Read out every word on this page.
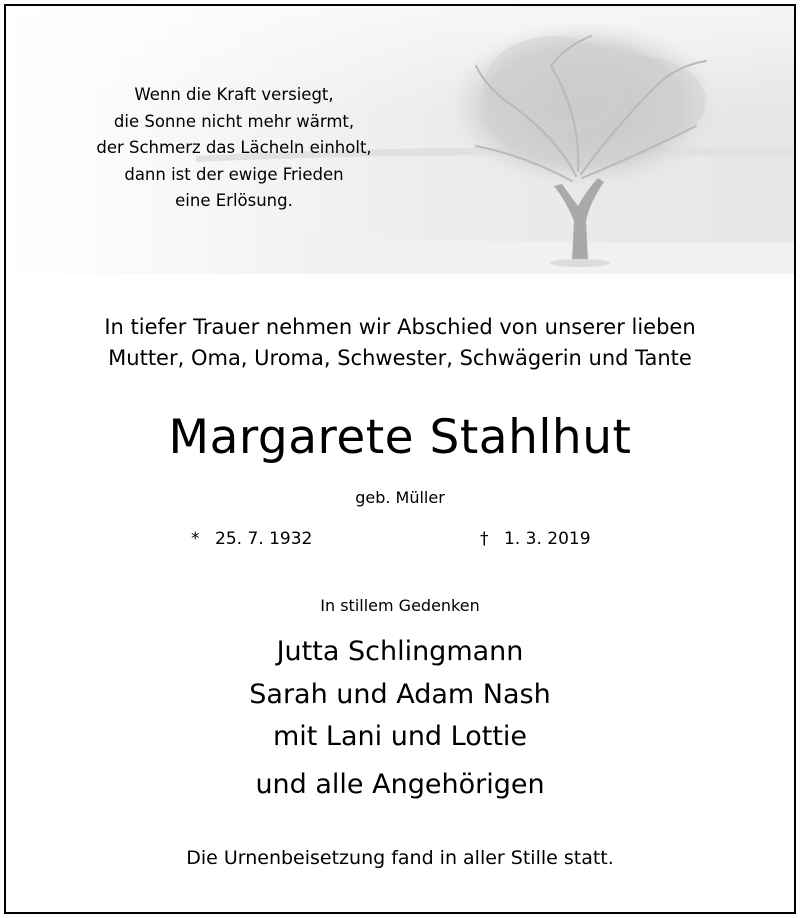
Wenn die Kraft versiegt,
die Sonne nicht mehr wärmt,
der Schmerz das Lächeln einholt,
dann ist der ewige Frieden
eine Erlösung.
In tiefer Trauer nehmen wir Abschied von unserer lieben
Mutter, Oma, Uroma, Schwester, Schwägerin und Tante
Margarete Stahlhut
geb. Müller
* 25. 7. 1932	† 1. 3. 2019
In stillem Gedenken
Jutta Schlingmann
Sarah und Adam Nash
mit Lani und Lottie
und alle Angehörigen
Die Urnenbeisetzung fand in aller Stille statt.
